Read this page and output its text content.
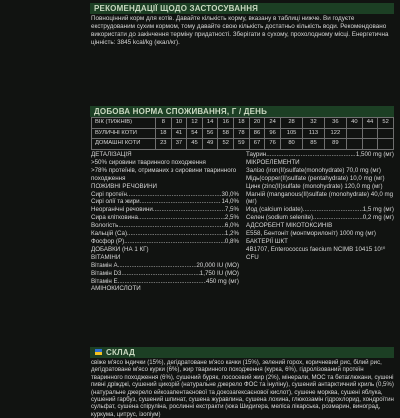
РЕКОМЕНДАЦІЇ ЩОДО ЗАСТОСУВАННЯ
Повноцінний корм для котів. Давайте кількість корму, вказану в таблиці нижче. Ви годуєте екструдованим сухим кормом, тому давайте свою кількість достатньо кількість води. Рекомендовано використати до закінчення терміну придатності. Зберігати в сухому, прохолодному місці. Енергетична цінність: 3845 kcal/kg (ккал/кг).
ДОБОВА НОРМА СПОЖИВАННЯ, Г / ДЕНЬ
ВІК (ТИЖНІВ)	8	10	12	14	16	18	20	24	28	32	36	40	44	52
ВУЛИЧНІ КОТИ	18	41	54	56	58	78	86	96	105	113	122			
ДОМАШНІ КОТИ	23	37	45	49	52	59	67	76	80	85	89			
ДЕТАЛІЗАЦІЯ
>50% сировини тваринного походження
>78% протеїнів, отриманих з сировини тваринного походження
ПОЖИВНІ РЕЧОВИНИ
Сирі протеїн .....	30,0%
Сирі олії та жири .....	14,0%
Неорганічні речовини .....	7,5%
Сира клітковина .....	2,5%
Вологість .....	6,0%
Кальцій (Ca) .....	1,2%
Фосфор (P) .....	0,8%
ДОБАВКИ (НА 1 КГ)
ВІТАМІНИ
Вітамін A .....	20,000 IU (МО)
Вітамін D3 .....	1,750 IU (МО)
Вітамін E .....	450 mg (мг)
АМІНОКИСЛОТИ
Таурин .....	1,500 mg (мг)
МІКРОЕЛЕМЕНТИ
Залізо (iron(II)sulfate(monohydrate) 70,0 mg (мг)
Мідь(copper(II)sulfate (pentahydrate) 10,0 mg (мг)
Цинк (zinc(II)sulfate (monohydrate) 120,0 mg (мг)
Магній (manganous(II)sulfate (monohydrate) 40,0 mg (мг)
Йод (calcium iodate) .....	1,5 mg (мг)
Селен (sodium selenite) .....	0,2 mg (мг)
АДСОРБЕНТ МІКОТОКСИНІВ
E558, Бентоніт (монтморилоніт) 1000 mg (мг)
БАКТЕРІЇ ШКТ
4B1707, Enterococcus faecium NCIMB 10415 10¹⁰ CFU
СКЛАД
свіже м'ясо індички (15%), дегідратоване м'ясо качки (15%), зелений горох, коричневий рис, білий рис, дегідратоване м'ясо курки (6%), жир тваринного походження (курка, 6%), гідролізований протеїн тваринного походження (6%), сушений буряк, лососевий жир (2%), мінерали, МОС та бетаглюкани, сушені пивні дріжджі, сушений цикорій (натуральне джерело ФОС та інуліну), сушений антарктичний криль (0,5%) (натуральне джерело ейкозапентаєнової та докозагексаєнової кислот), сушене морква, сушені яблука, сушений гарбуз, сушений шпинат, сушена журавлина, сушена лохина, глюкозамін гідрохлорид, хондроїтин сульфат, сушена спіруліна, рослинні екстракти (юка Шидигера, меліса лікарська, розмарин, виноград, куркума, цитрус, ізопіум)
